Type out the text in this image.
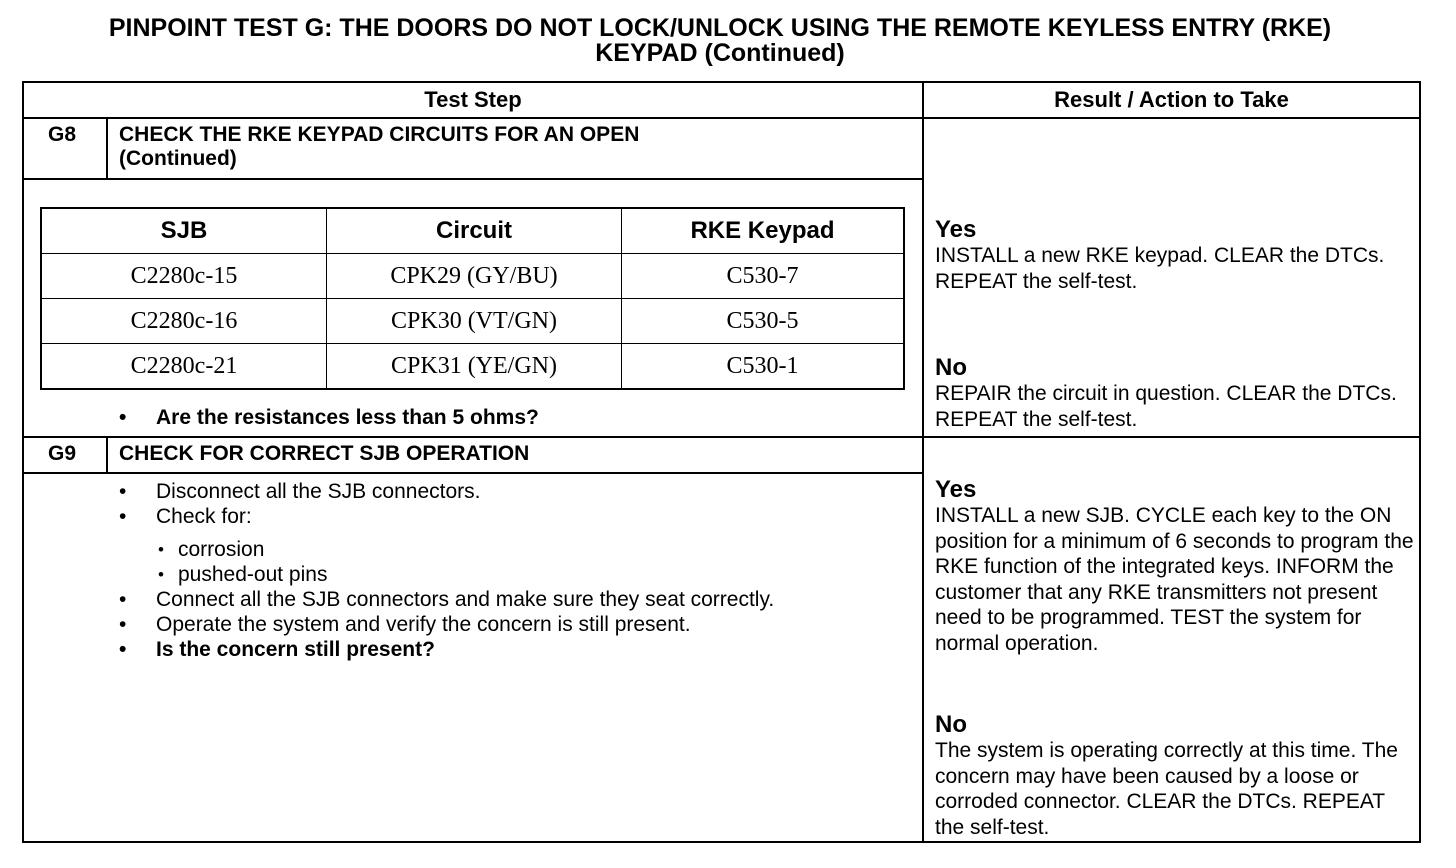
PINPOINT TEST G: THE DOORS DO NOT LOCK/UNLOCK USING THE REMOTE KEYLESS ENTRY (RKE)
KEYPAD (Continued)
Test Step	Result / Action to Take
G8 CHECK THE RKE KEYPAD CIRCUITS FOR AN OPEN
(Continued)
SJB	Circuit	RKE Keypad
C2280c-15	CPK29 (GY/BU)	C530-7
C2280c-16	CPK30 (VT/GN)	C530-5
C2280c-21	CPK31 (YE/GN)	C530-1
• Are the resistances less than 5 ohms?
Yes
INSTALL a new RKE keypad. CLEAR the DTCs. REPEAT the self-test.
No
REPAIR the circuit in question. CLEAR the DTCs. REPEAT the self-test.
G9 CHECK FOR CORRECT SJB OPERATION
• Disconnect all the SJB connectors.
• Check for:
• corrosion
• pushed-out pins
• Connect all the SJB connectors and make sure they seat correctly.
• Operate the system and verify the concern is still present.
• Is the concern still present?
Yes
INSTALL a new SJB. CYCLE each key to the ON position for a minimum of 6 seconds to program the RKE function of the integrated keys. INFORM the customer that any RKE transmitters not present need to be programmed. TEST the system for normal operation.
No
The system is operating correctly at this time. The concern may have been caused by a loose or corroded connector. CLEAR the DTCs. REPEAT the self-test.
